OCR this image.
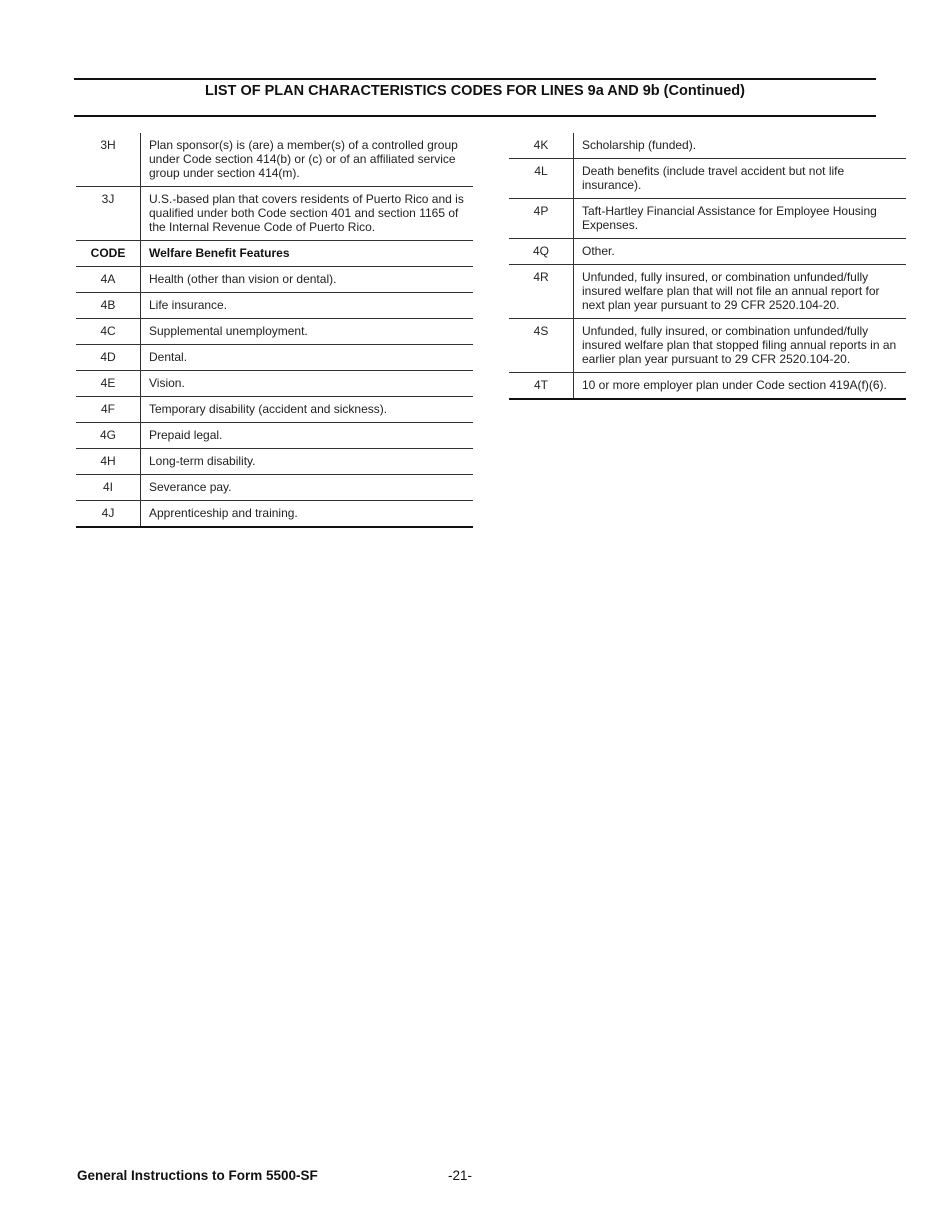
LIST OF PLAN CHARACTERISTICS CODES FOR LINES 9a AND 9b (Continued)
3H	Plan sponsor(s) is (are) a member(s) of a controlled group under Code section 414(b) or (c) or of an affiliated service group under section 414(m).
3J	U.S.-based plan that covers residents of Puerto Rico and is qualified under both Code section 401 and section 1165 of the Internal Revenue Code of Puerto Rico.
CODE	Welfare Benefit Features
4A	Health (other than vision or dental).
4B	Life insurance.
4C	Supplemental unemployment.
4D	Dental.
4E	Vision.
4F	Temporary disability (accident and sickness).
4G	Prepaid legal.
4H	Long-term disability.
4I	Severance pay.
4J	Apprenticeship and training.
4K	Scholarship (funded).
4L	Death benefits (include travel accident but not life insurance).
4P	Taft-Hartley Financial Assistance for Employee Housing Expenses.
4Q	Other.
4R	Unfunded, fully insured, or combination unfunded/fully insured welfare plan that will not file an annual report for next plan year pursuant to 29 CFR 2520.104-20.
4S	Unfunded, fully insured, or combination unfunded/fully insured welfare plan that stopped filing annual reports in an earlier plan year pursuant to 29 CFR 2520.104-20.
4T	10 or more employer plan under Code section 419A(f)(6).
General Instructions to Form 5500-SF	-21-
